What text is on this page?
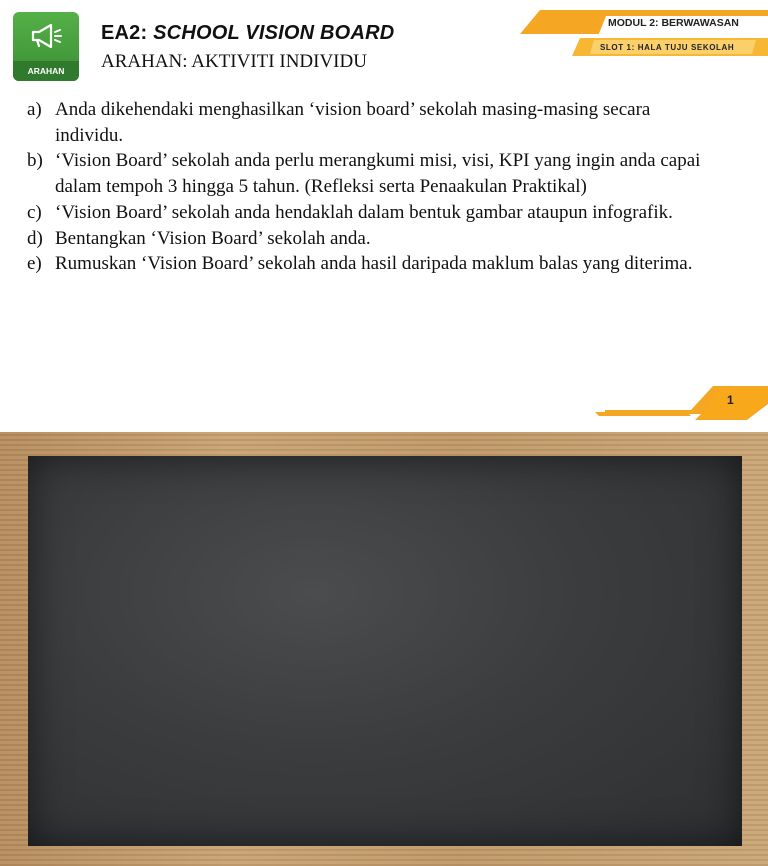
ARAHAN
EA2: SCHOOL VISION BOARD
ARAHAN: AKTIVITI INDIVIDU
MODUL 2: BERWAWASAN
SLOT 1: HALA TUJU SEKOLAH
a) Anda dikehendaki menghasilkan ‘vision board’ sekolah masing-masing secara individu.
b) ‘Vision Board’ sekolah anda perlu merangkumi misi, visi, KPI yang ingin anda capai dalam tempoh 3 hingga 5 tahun. (Refleksi serta Penaakulan Praktikal)
c) ‘Vision Board’ sekolah anda hendaklah dalam bentuk gambar ataupun infografik.
d) Bentangkan ‘Vision Board’ sekolah anda.
e) Rumuskan ‘Vision Board’ sekolah anda hasil daripada maklum balas yang diterima.
1
